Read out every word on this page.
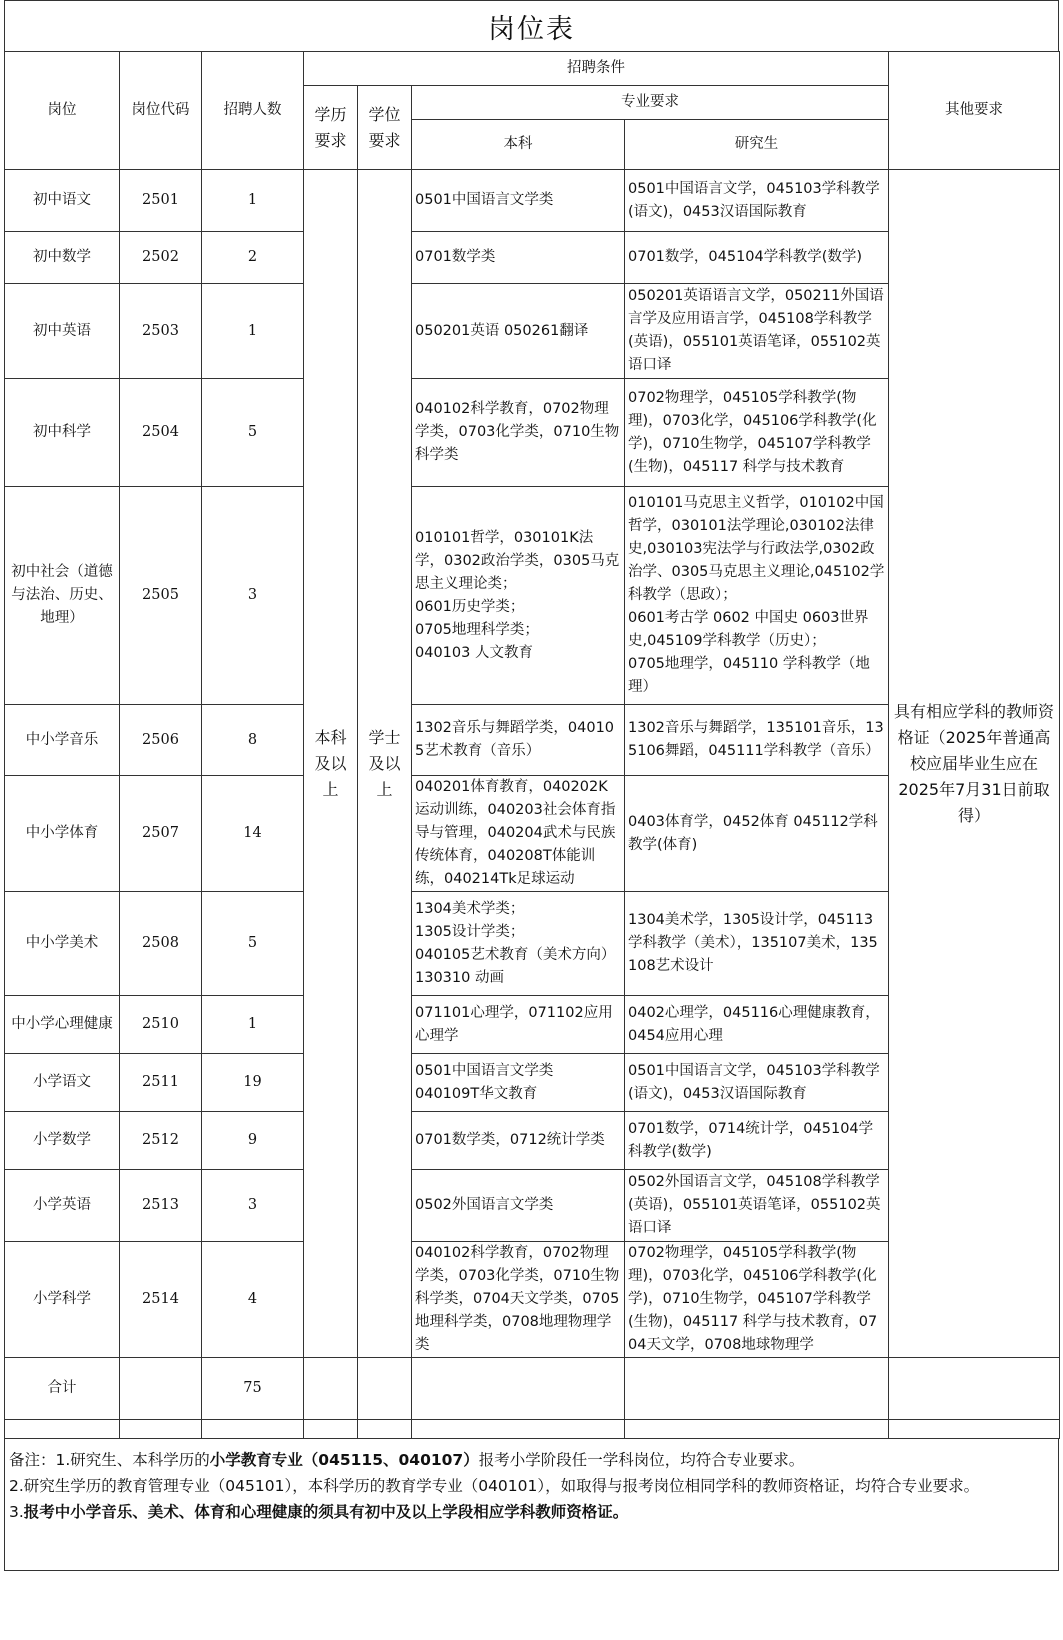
岗位表
岗位	岗位代码	招聘人数	招聘条件				其他要求
			学历要求	学位要求	专业要求		
					本科	研究生	
初中语文	2501	1	本科及以上	学士及以上	0501中国语言文学类	0501中国语言文学，045103学科教学(语文)，0453汉语国际教育	具有相应学科的教师资格证（2025年普通高校应届毕业生应在2025年7月31日前取得）
初中数学	2502	2			0701数学类	0701数学，045104学科教学(数学)	
初中英语	2503	1			050201英语 050261翻译	050201英语语言文学，050211外国语言学及应用语言学，045108学科教学(英语)，055101英语笔译，055102英语口译	
初中科学	2504	5			040102科学教育，0702物理学类，0703化学类，0710生物科学类	0702物理学，045105学科教学(物理)，0703化学，045106学科教学(化学)，0710生物学，045107学科教学(生物)，045117 科学与技术教育	
初中社会（道德与法治、历史、地理）	2505	3			010101哲学，030101K法学，0302政治学类，0305马克思主义理论类；
0601历史学类；
0705地理科学类；
040103 人文教育	010101马克思主义哲学，010102中国哲学，030101法学理论,030102法律史,030103宪法学与行政法学,0302政治学、0305马克思主义理论,045102学科教学（思政）；
0601考古学 0602 中国史 0603世界史,045109学科教学（历史）；
0705地理学，045110 学科教学（地理）	
中小学音乐	2506	8			1302音乐与舞蹈学类，040105艺术教育（音乐）	1302音乐与舞蹈学，135101音乐，135106舞蹈，045111学科教学（音乐）	
中小学体育	2507	14			040201体育教育，040202K运动训练，040203社会体育指导与管理，040204武术与民族传统体育，040208T体能训练，040214Tk足球运动	0403体育学，0452体育 045112学科教学(体育)	
中小学美术	2508	5			1304美术学类；
1305设计学类；
040105艺术教育（美术方向）
130310 动画	1304美术学，1305设计学，045113学科教学（美术），135107美术，135108艺术设计	
中小学心理健康	2510	1			071101心理学，071102应用心理学	0402心理学，045116心理健康教育，0454应用心理	
小学语文	2511	19			0501中国语言文学类
040109T华文教育	0501中国语言文学，045103学科教学(语文)，0453汉语国际教育	
小学数学	2512	9			0701数学类，0712统计学类	0701数学，0714统计学，045104学科教学(数学)	
小学英语	2513	3			0502外国语言文学类	0502外国语言文学，045108学科教学(英语)，055101英语笔译，055102英语口译	
小学科学	2514	4			040102科学教育，0702物理学类，0703化学类，0710生物科学类，0704天文学类，0705地理科学类，0708地理物理学类	0702物理学，045105学科教学(物理)，0703化学，045106学科教学(化学)，0710生物学，045107学科教学(生物)，045117 科学与技术教育，0704天文学，0708地球物理学	
合计		75					

备注：1.研究生、本科学历的小学教育专业（045115、040107）报考小学阶段任一学科岗位，均符合专业要求。
2.研究生学历的教育管理专业（045101），本科学历的教育学专业（040101），如取得与报考岗位相同学科的教师资格证，均符合专业要求。
3.报考中小学音乐、美术、体育和心理健康的须具有初中及以上学段相应学科教师资格证。
